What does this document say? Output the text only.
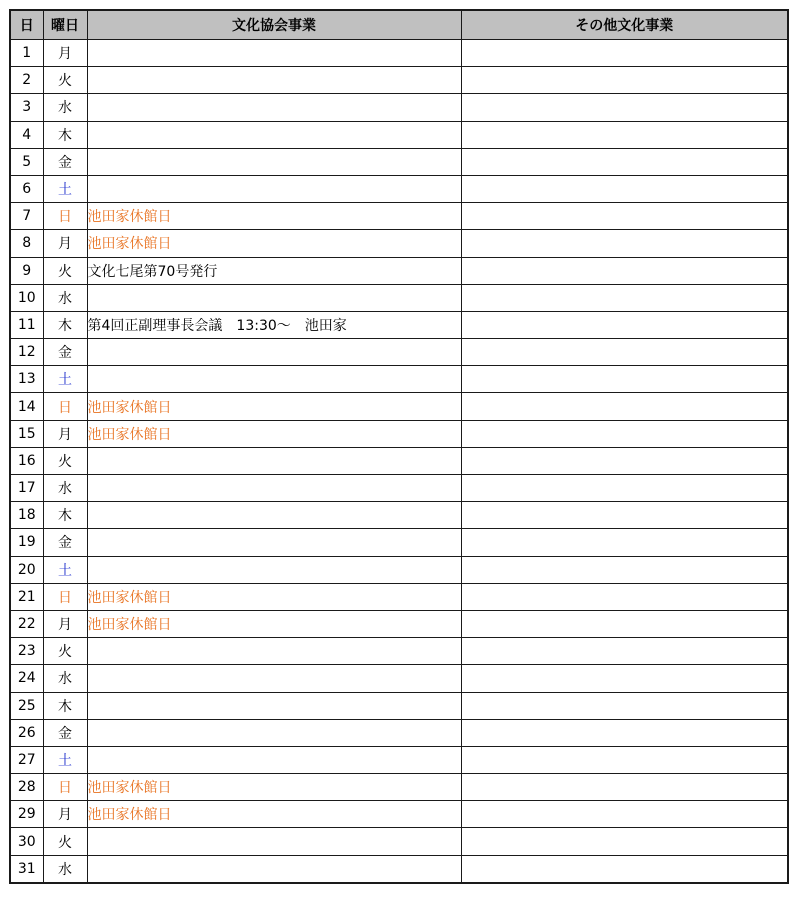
日	曜日	文化協会事業	その他文化事業
1	月		
2	火		
3	水		
4	木		
5	金		
6	土		
7	日	池田家休館日	
8	月	池田家休館日	
9	火	文化七尾第70号発行	
10	水		
11	木	第4回正副理事長会議　13:30～　池田家	
12	金		
13	土		
14	日	池田家休館日	
15	月	池田家休館日	
16	火		
17	水		
18	木		
19	金		
20	土		
21	日	池田家休館日	
22	月	池田家休館日	
23	火		
24	水		
25	木		
26	金		
27	土		
28	日	池田家休館日	
29	月	池田家休館日	
30	火		
31	水		
